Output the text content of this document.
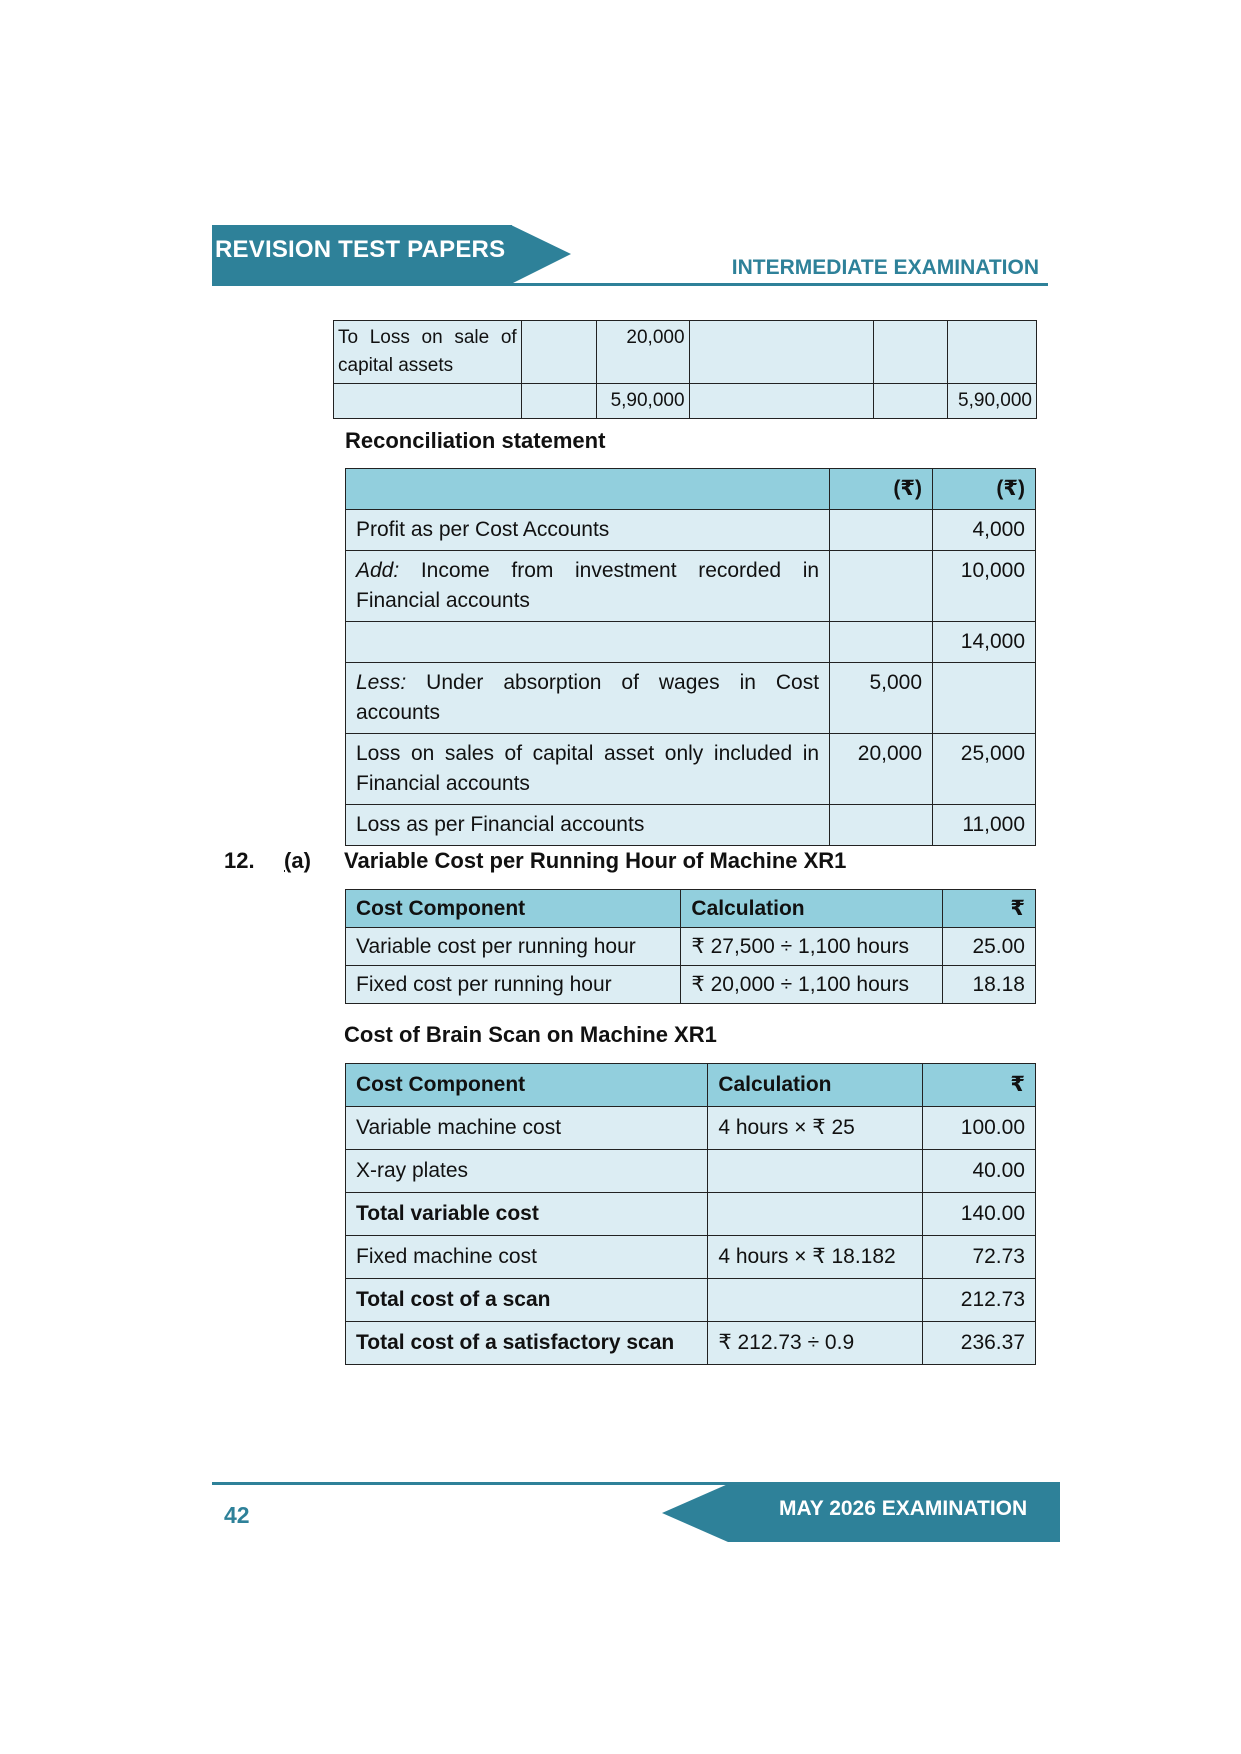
REVISION TEST PAPERS
INTERMEDIATE EXAMINATION
To Loss on sale of capital assets		20,000			
		5,90,000			5,90,000
Reconciliation statement
	(₹)	(₹)
Profit as per Cost Accounts		4,000
Add: Income from investment recorded in Financial accounts		10,000
		14,000
Less: Under absorption of wages in Cost accounts	5,000	
Loss on sales of capital asset only included in Financial accounts	20,000	25,000
Loss as per Financial accounts		11,000
12. (a) Variable Cost per Running Hour of Machine XR1
Cost Component	Calculation	₹
Variable cost per running hour	₹ 27,500 ÷ 1,100 hours	25.00
Fixed cost per running hour	₹ 20,000 ÷ 1,100 hours	18.18
Cost of Brain Scan on Machine XR1
Cost Component	Calculation	₹
Variable machine cost	4 hours × ₹ 25	100.00
X-ray plates		40.00
Total variable cost		140.00
Fixed machine cost	4 hours × ₹ 18.182	72.73
Total cost of a scan		212.73
Total cost of a satisfactory scan	₹ 212.73 ÷ 0.9	236.37
MAY 2026 EXAMINATION
42
